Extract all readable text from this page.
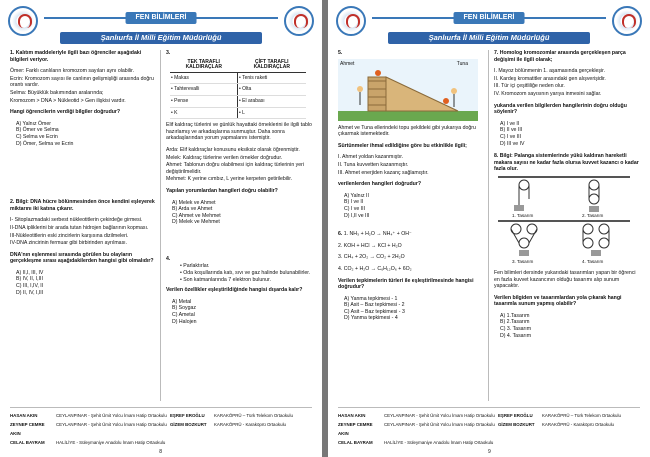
FEN BİLİMLERİ
Şanlıurfa İl Milli Eğitim Müdürlüğü

1. Kalıtım maddeleriyle ilgili bazı öğrenciler aşağıdaki bilgileri veriyor.

Ömer: Farklı canlıların kromozom sayıları aynı olabilir.

Ecrin: Kromozom sayısı ile canlının gelişmişliği arasında doğru orantı vardır.

Selma: Büyüklük bakımından aralarında;

Kromozom > DNA > Nükleotid > Gen ilişkisi vardır.

Hangi öğrencilerin verdiği bilgiler doğrudur?

A) Yalnız Ömer
B) Ömer ve Selma
C) Selma ve Ecrin
D) Ömer, Selma ve Ecrin

2. Bilgi: DNA hücre bölünmesinden önce kendini eşleyerek miktarını iki katına çıkarır.

I- Sitoplazmadaki serbest nükleotitlerin çekirdeğe girmesi.

II-DNA ipliklerini bir arada tutan hidrojen bağlarının kopması.

III-Nükleotitlerin eski zincirlerin karşısına dizilmeleri.

IV-DNA zincirinin fermuar gibi birbirinden ayrılması.

DNA'nın eşlenmesi sırasında görülen bu olayların gerçekleşme sırası aşağıdakilerden hangisi gibi olmalıdır?

A) II,I, III, IV
B) IV, II, I,III
C) III, I,IV, II
D) II, IV, I,III

3.

TEK TARAFLI KALDIRAÇLAR	ÇİFT TARAFLI KALDIRAÇLAR
• Makas	• Tenis raketi
• Tahterevalli	• Olta
• Pense	• El arabası
• K	• L

Elif kaldıraç türlerini ve günlük hayattaki örneklerini ile ilgili tablo hazırlamış ve arkadaşlarına sunmuştur. Daha sonra arkadaşlarından yorum yapmalarını istemiştir.

Arda: Elif kaldıraçlar konusunu eksiksiz olarak öğrenmiştir.

Melek: Kaldıraç türlerine verilen örnekler doğrudur.

Ahmet: Tablonun doğru olabilmesi için kaldıraç türlerinin yeri değiştirilmelidir.

Mehmet: K yerine cımbız, L yerine kerpeten getirilebilir.

Yapılan yorumlardan hangileri doğru olabilir?

A) Melek ve Ahmet
B) Arda ve Ahmet
C) Ahmet ve Mehmet
D) Melek ve Mehmet

4.

• Parlaktırlar.
• Oda koşullarında katı, sıvı ve gaz halinde bulunabilirler.
• Son katmanlarında 7 elektron bulunur.

Verilen özellikler eşleştirildiğinde hangisi dışarda kalır?

A) Metal
B) Soygaz
C) Ametal
D) Halojen
HASAN AKIN	CEYLANPINAR - Şehit Ümit Yolcu İmam Hatip Ortaokulu EŞREF EROĞLU	KARAKÖPRÜ – Türk Telekom Ortaokulu
ZEYNEP CEMRE AKIN
CEYLANPINAR - Şehit Ümit Yolcu İmam Hatip Ortaokulu GİZEM BOZKURT	KARAKÖPRÜ - Karaköprü Ortaokulu
CELAL BAYRAM	HALİLİYE - Süleymaniye Anadolu İmam Hatip Ortaokulu
8
FEN BİLİMLERİ
Şanlıurfa İl Milli Eğitim Müdürlüğü

5.

Ahmet	Tuna

Ahmet ve Tuna ellerindeki topu şekildeki gibi yukarıya doğru çıkarmak istemektedir.

Sürtünmeler ihmal edildiğine göre bu etkinlikle ilgili;

I. Ahmet yoldan kazanmıştır.

II. Tuna kuvvetten kazanmıştır.

III. Ahmet enerjiden kazanç sağlamıştır.

verilenlerden hangileri doğrudur?

A) Yalnız II
B) I ve II
C) I ve III
D) I,II ve III

6. 1. NH₃ + H₂O → NH₄⁺ + OH⁻

2. KOH + HCl → KCl + H₂O

3. CH₄ + 2O₂ → CO₂ + 2H₂O

4. CO₂ + H₂O → C₆H₁₂O₆ + 6O₂

Verilen tepkimelerin türleri ile eşleştirilmesinde hangisi doğrudur?

A) Yanma tepkimesi - 1
B) Asit – Baz tepkimesi - 2
C) Asit – Baz tepkimesi - 3
D) Yanma tepkimesi - 4

7. Homolog kromozomlar arasında gerçekleşen parça değişimi ile ilgili olarak;

I. Mayoz bölünmenin 1. aşamasında gerçekleşir.

II. Kardeş kromatitler arasındaki gen alışverişidir.

III. Tür içi çeşitliliğe neden olur.

IV. Kromozom sayısının yarıya inmesini sağlar.

yukarıda verilen bilgilerden hangilerinin doğru olduğu söylenir?

A) I ve II
B) II ve III
C) I ve III
D) III ve IV

8. Bilgi: Palanga sistemlerinde yükü kaldıran hareketli makara sayısı ne kadar fazla olursa kuvvet kazancı o kadar fazla olur.

1. Tasarım	2. Tasarım
3. Tasarım	4. Tasarım

Fen bilimleri dersinde yukarıdaki tasarımları yapan bir öğrenci en fazla kuvvet kazancının olduğu tasarımı alıp sunum yapacaktır.

Verilen bilgiden ve tasarımlardan yola çıkarak hangi tasarımla sunum yapmış olabilir?

A) 1.Tasarım
B) 2.Tasarım
C) 3. Tasarım
D) 4. Tasarım
HASAN AKIN	CEYLANPINAR - Şehit Ümit Yolcu İmam Hatip Ortaokulu EŞREF EROĞLU	KARAKÖPRÜ – Türk Telekom Ortaokulu
ZEYNEP CEMRE AKIN
CEYLANPINAR - Şehit Ümit Yolcu İmam Hatip Ortaokulu GİZEM BOZKURT	KARAKÖPRÜ - Karaköprü Ortaokulu
CELAL BAYRAM	HALİLİYE - Süleymaniye Anadolu İmam Hatip Ortaokulu
9
